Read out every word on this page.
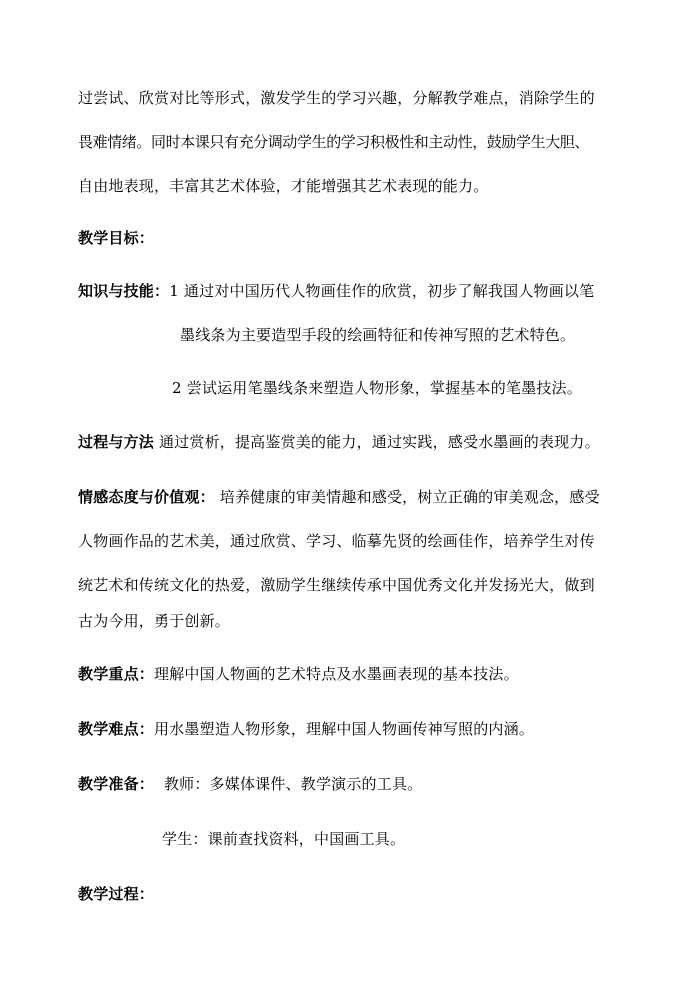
过尝试、欣赏对比等形式，激发学生的学习兴趣，分解教学难点，消除学生的
畏难情绪。同时本课只有充分调动学生的学习积极性和主动性，鼓励学生大胆、
自由地表现，丰富其艺术体验，才能增强其艺术表现的能力。
教学目标：
知识与技能：1 通过对中国历代人物画佳作的欣赏，初步了解我国人物画以笔
墨线条为主要造型手段的绘画特征和传神写照的艺术特色。
2 尝试运用笔墨线条来塑造人物形象，掌握基本的笔墨技法。
过程与方法 通过赏析，提高鉴赏美的能力，通过实践，感受水墨画的表现力。
情感态度与价值观： 培养健康的审美情趣和感受，树立正确的审美观念，感受
人物画作品的艺术美，通过欣赏、学习、临摹先贤的绘画佳作，培养学生对传
统艺术和传统文化的热爱，激励学生继续传承中国优秀文化并发扬光大，做到
古为今用，勇于创新。
教学重点：理解中国人物画的艺术特点及水墨画表现的基本技法。
教学难点：用水墨塑造人物形象，理解中国人物画传神写照的内涵。
教学准备：  教师：多媒体课件、教学演示的工具。
学生：课前查找资料，中国画工具。
教学过程：
